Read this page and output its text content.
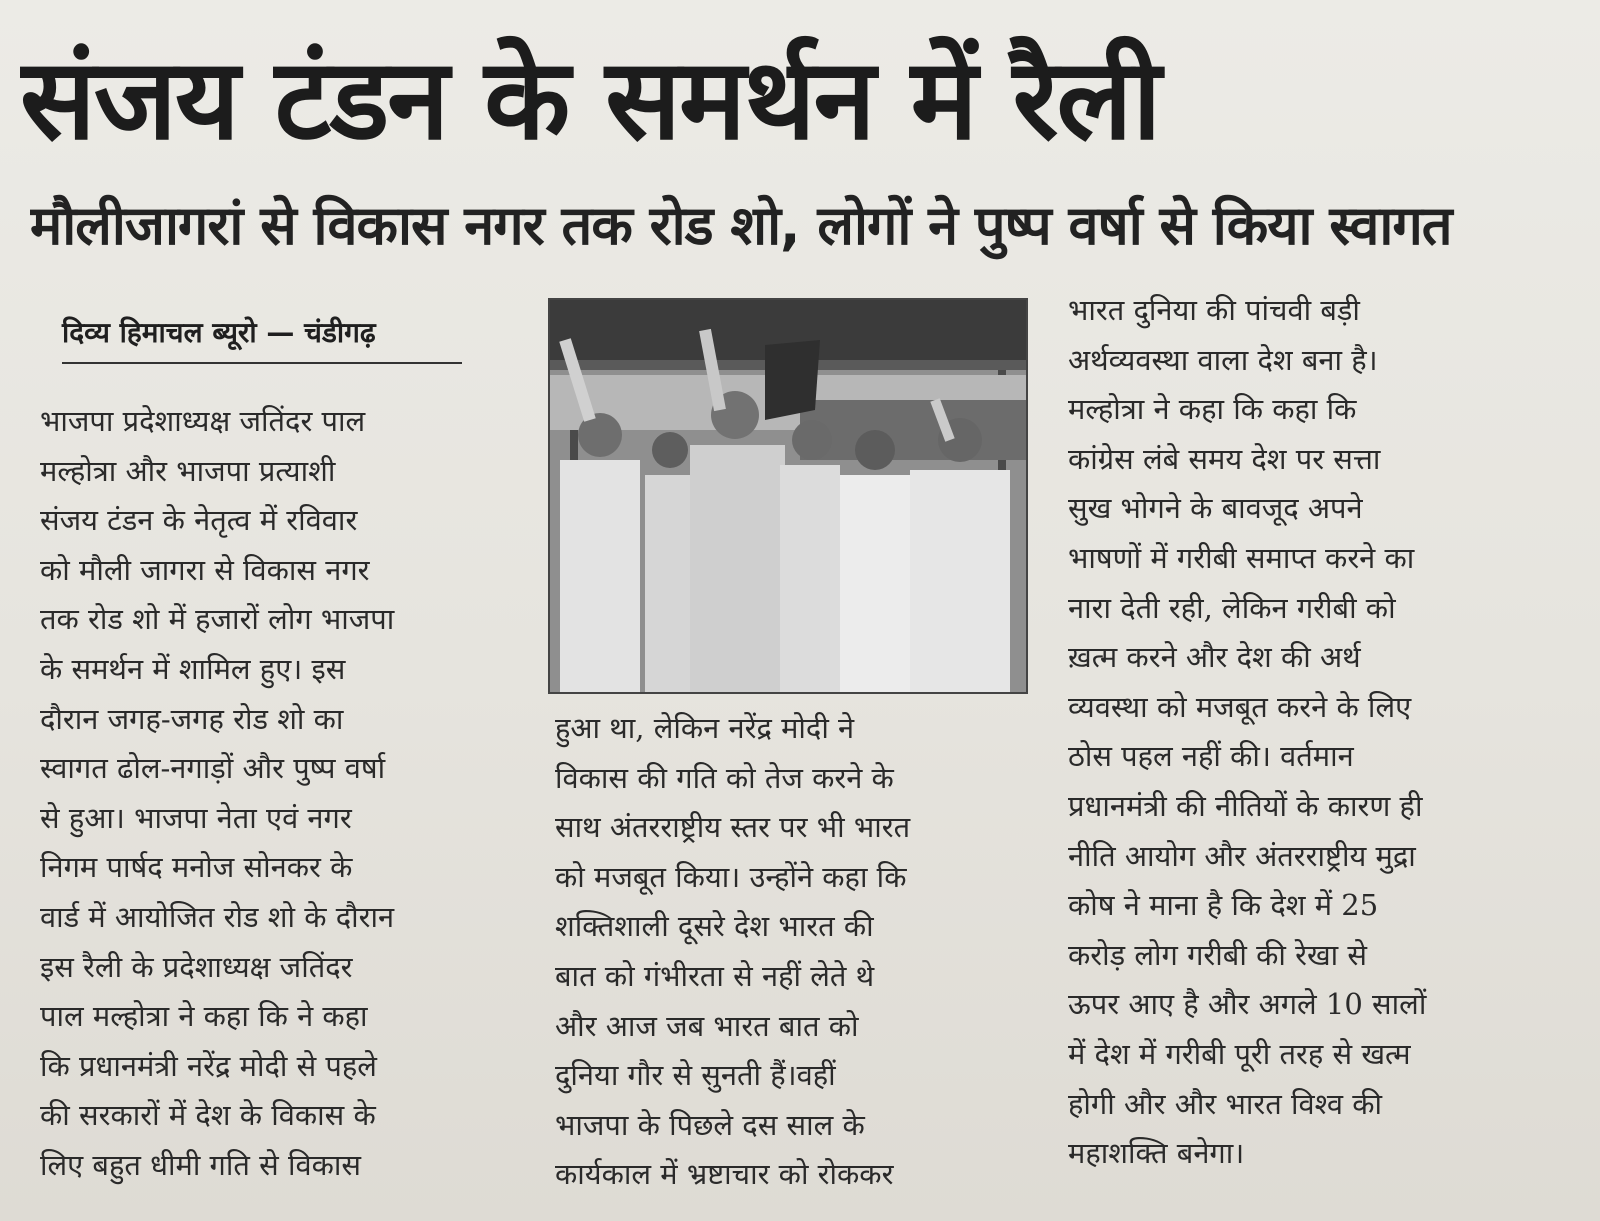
संजय टंडन के समर्थन में रैली
मौलीजागरां से विकास नगर तक रोड शो, लोगों ने पुष्प वर्षा से किया स्वागत
दिव्य हिमाचल ब्यूरो — चंडीगढ़
भाजपा प्रदेशाध्यक्ष जतिंदर पाल
मल्होत्रा और भाजपा प्रत्याशी
संजय टंडन के नेतृत्व में रविवार
को मौली जागरा से विकास नगर
तक रोड शो में हजारों लोग भाजपा
के समर्थन में शामिल हुए। इस
दौरान जगह-जगह रोड शो का
स्वागत ढोल-नगाड़ों और पुष्प वर्षा
से हुआ। भाजपा नेता एवं नगर
निगम पार्षद मनोज सोनकर के
वार्ड में आयोजित रोड शो के दौरान
इस रैली के प्रदेशाध्यक्ष जतिंदर
पाल मल्होत्रा ने कहा कि ने कहा
कि प्रधानमंत्री नरेंद्र मोदी से पहले
की सरकारों में देश के विकास के
लिए बहुत धीमी गति से विकास
हुआ था, लेकिन नरेंद्र मोदी ने
विकास की गति को तेज करने के
साथ अंतरराष्ट्रीय स्तर पर भी भारत
को मजबूत किया। उन्होंने कहा कि
शक्तिशाली दूसरे देश भारत की
बात को गंभीरता से नहीं लेते थे
और आज जब भारत बात को
दुनिया गौर से सुनती हैं।वहीं
भाजपा के पिछले दस साल के
कार्यकाल में भ्रष्टाचार को रोककर
भारत दुनिया की पांचवी बड़ी
अर्थव्यवस्था वाला देश बना है।
मल्होत्रा ने कहा कि कहा कि
कांग्रेस लंबे समय देश पर सत्ता
सुख भोगने के बावजूद अपने
भाषणों में गरीबी समाप्त करने का
नारा देती रही, लेकिन गरीबी को
ख़त्म करने और देश की अर्थ
व्यवस्था को मजबूत करने के लिए
ठोस पहल नहीं की। वर्तमान
प्रधानमंत्री की नीतियों के कारण ही
नीति आयोग और अंतरराष्ट्रीय मुद्रा
कोष ने माना है कि देश में 25
करोड़ लोग गरीबी की रेखा से
ऊपर आए है और अगले 10 सालों
में देश में गरीबी पूरी तरह से खत्म
होगी और और भारत विश्व की
महाशक्ति बनेगा।
